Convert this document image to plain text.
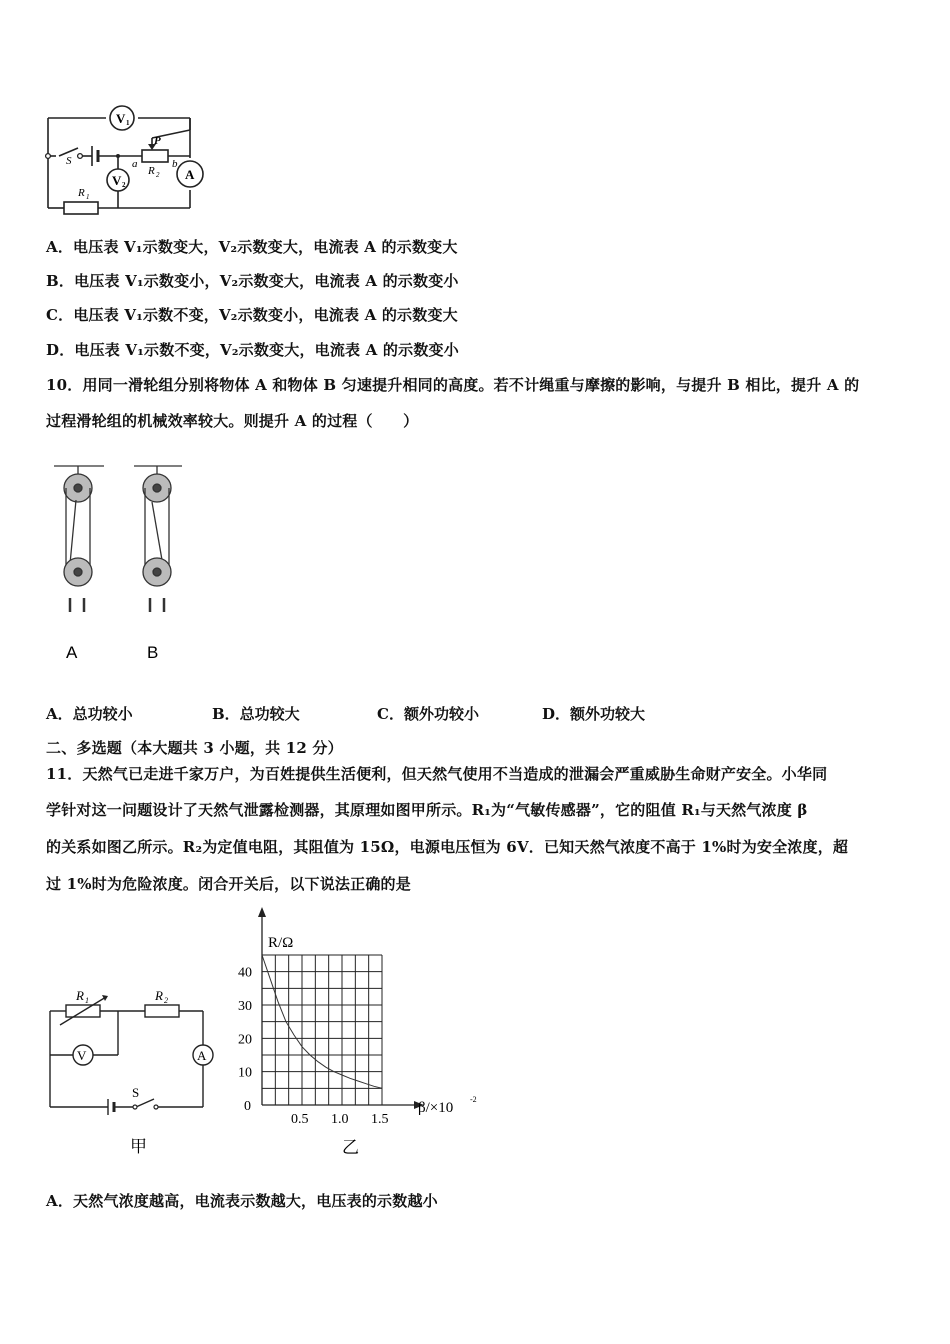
V 1
V 2
A
S
P
a	b
R 2
R 1
A．电压表 V₁示数变大，V₂示数变大，电流表 A 的示数变大
B．电压表 V₁示数变小，V₂示数变大，电流表 A 的示数变小
C．电压表 V₁示数不变，V₂示数变小，电流表 A 的示数变大
D．电压表 V₁示数不变，V₂示数变大，电流表 A 的示数变小
10．用同一滑轮组分别将物体 A 和物体 B 匀速提升相同的高度。若不计绳重与摩擦的影响，与提升 B 相比，提升 A 的
过程滑轮组的机械效率较大。则提升 A 的过程（　　）
A	B
A．总功较小	B．总功较大	C．额外功较小	D．额外功较大
二、多选题（本大题共 3 小题，共 12 分）
11．天然气已走进千家万户，为百姓提供生活便利，但天然气使用不当造成的泄漏会严重威胁生命财产安全。小华同
学针对这一问题设计了天然气泄露检测器，其原理如图甲所示。R₁为“气敏传感器”，它的阻值 R₁与天然气浓度 β
的关系如图乙所示。R₂为定值电阻，其阻值为 15Ω，电源电压恒为 6V．已知天然气浓度不高于 1%时为安全浓度，超
过 1%时为危险浓度。闭合开关后，以下说法正确的是
V	A
R 1	R 2
S
甲
R/Ω
β/×10
-2
0
10
20
30
40
0.5 1.0 1.5
乙
A．天然气浓度越高，电流表示数越大，电压表的示数越小
